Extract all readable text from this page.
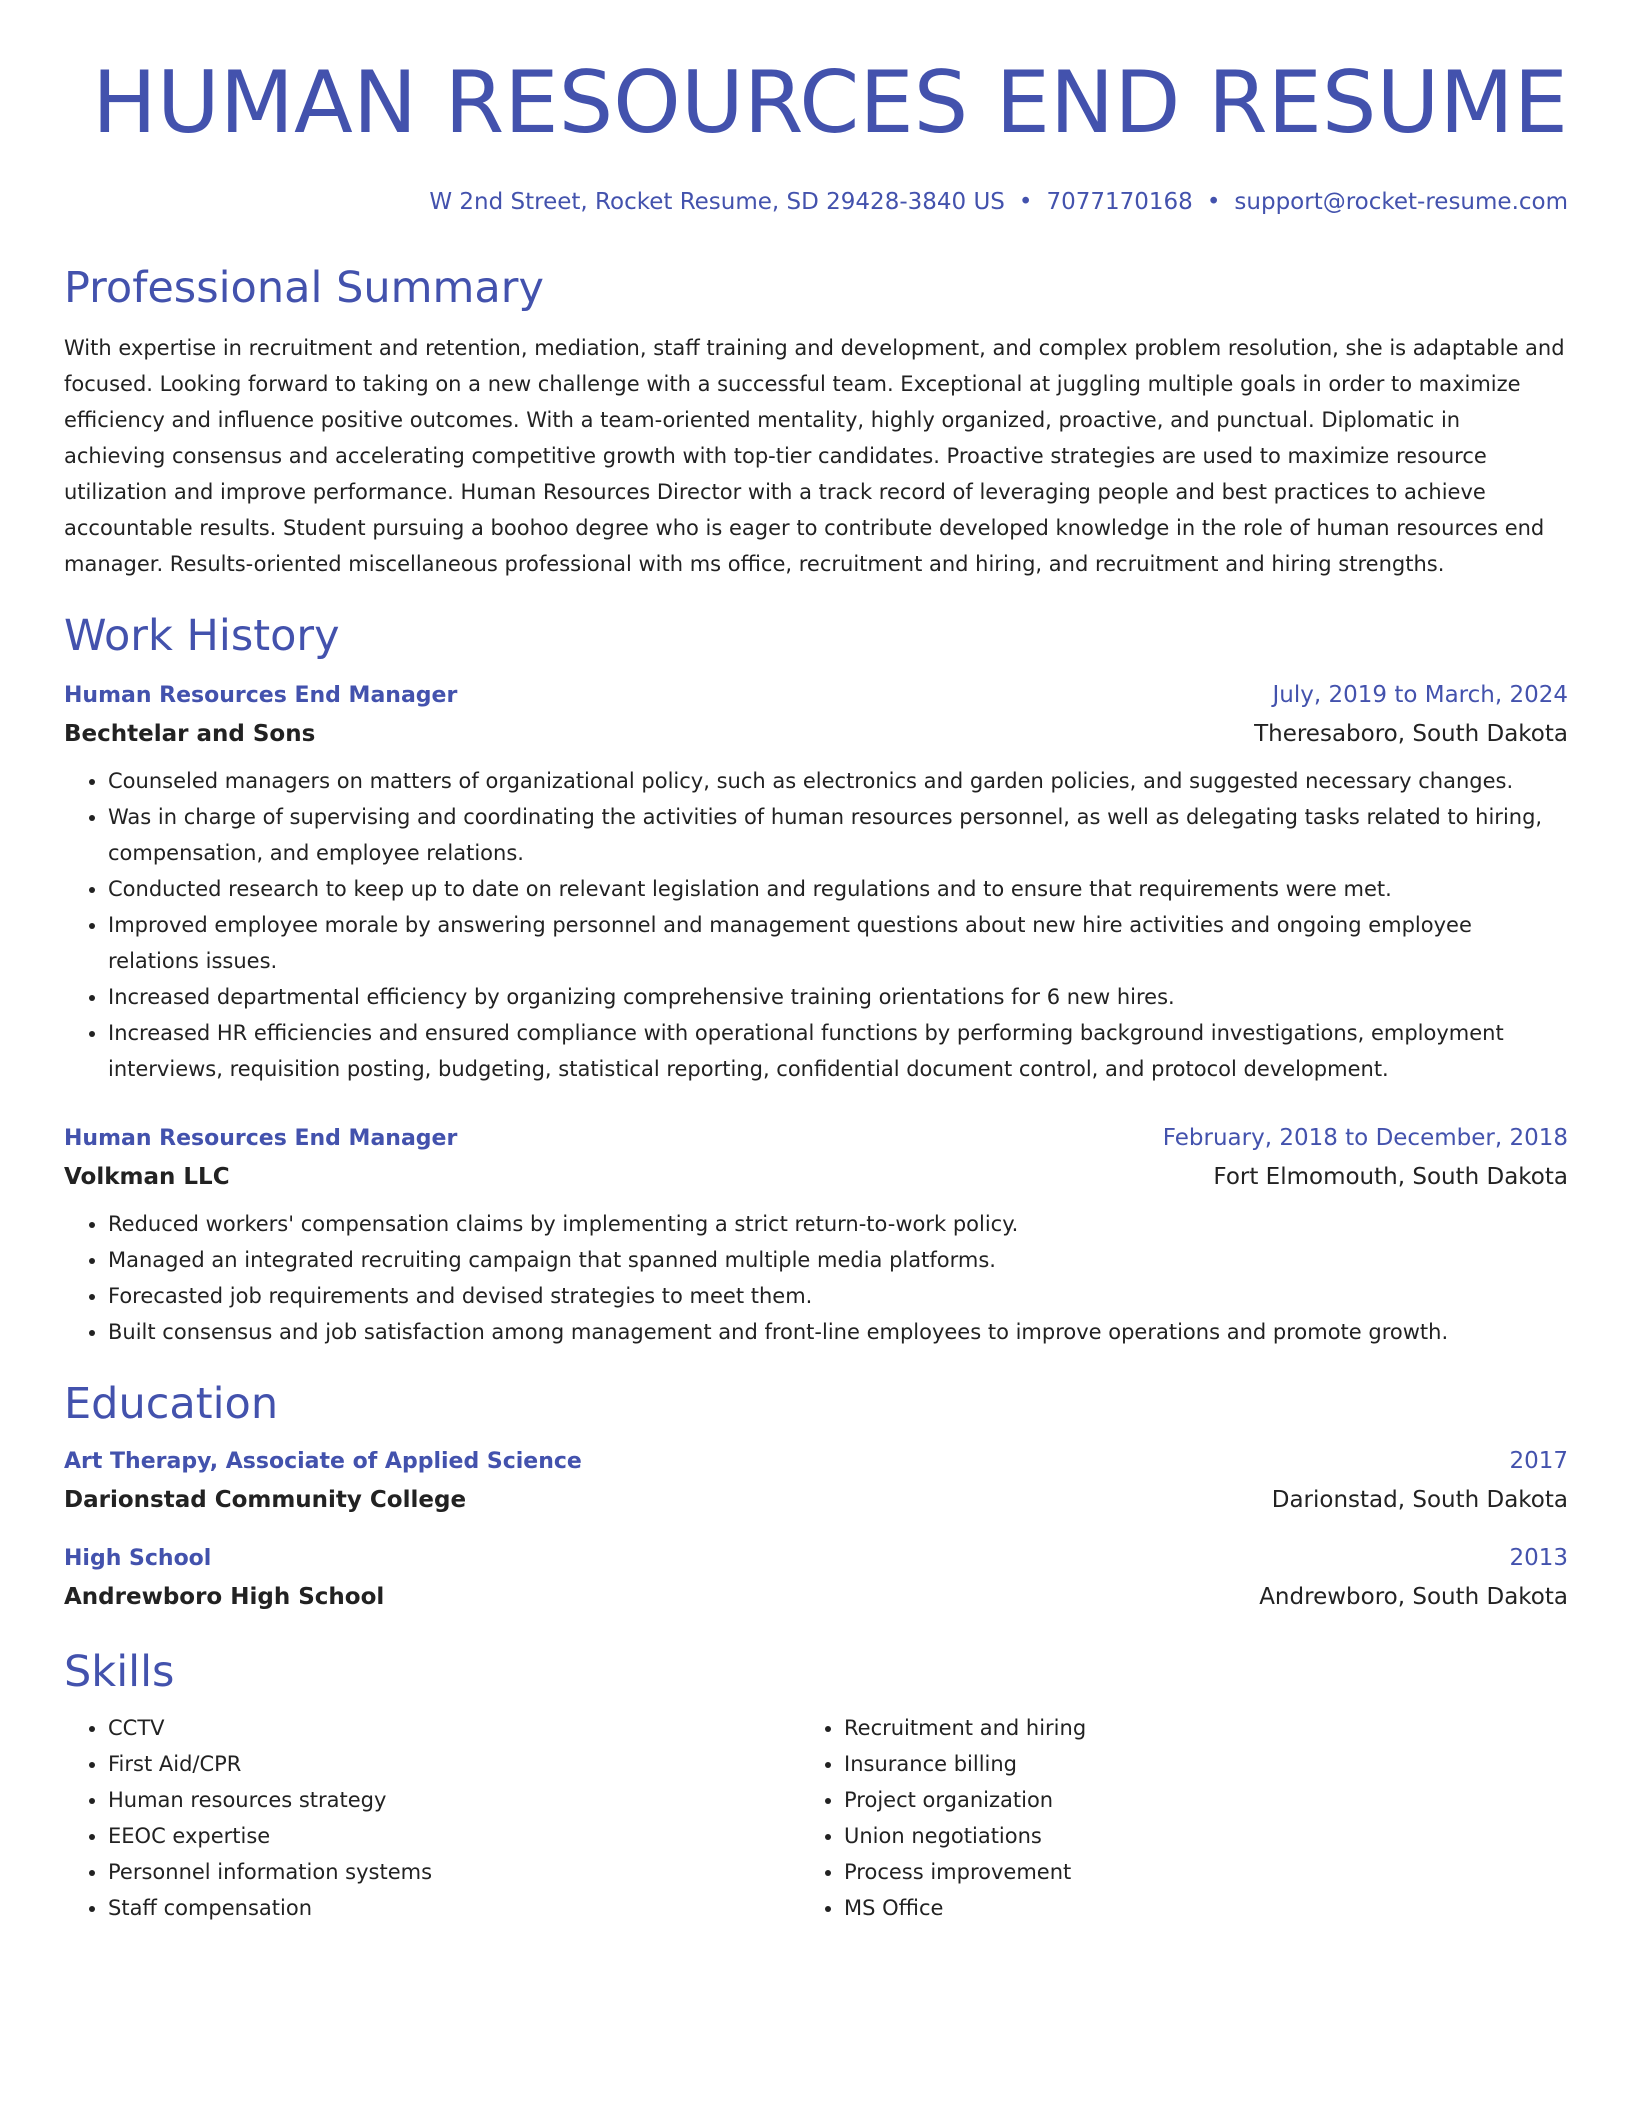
HUMAN RESOURCES END RESUME
W 2nd Street, Rocket Resume, SD 29428-3840 US • 7077170168 • support@rocket-resume.com
Professional Summary
With expertise in recruitment and retention, mediation, staff training and development, and complex problem resolution, she is adaptable and focused. Looking forward to taking on a new challenge with a successful team. Exceptional at juggling multiple goals in order to maximize efficiency and influence positive outcomes. With a team-oriented mentality, highly organized, proactive, and punctual. Diplomatic in achieving consensus and accelerating competitive growth with top-tier candidates. Proactive strategies are used to maximize resource utilization and improve performance. Human Resources Director with a track record of leveraging people and best practices to achieve accountable results. Student pursuing a boohoo degree who is eager to contribute developed knowledge in the role of human resources end manager. Results-oriented miscellaneous professional with ms office, recruitment and hiring, and recruitment and hiring strengths.
Work History
Human Resources End Manager	July, 2019 to March, 2024
Bechtelar and Sons	Theresaboro, South Dakota
• Counseled managers on matters of organizational policy, such as electronics and garden policies, and suggested necessary changes.
• Was in charge of supervising and coordinating the activities of human resources personnel, as well as delegating tasks related to hiring, compensation, and employee relations.
• Conducted research to keep up to date on relevant legislation and regulations and to ensure that requirements were met.
• Improved employee morale by answering personnel and management questions about new hire activities and ongoing employee relations issues.
• Increased departmental efficiency by organizing comprehensive training orientations for 6 new hires.
• Increased HR efficiencies and ensured compliance with operational functions by performing background investigations, employment interviews, requisition posting, budgeting, statistical reporting, confidential document control, and protocol development.
Human Resources End Manager	February, 2018 to December, 2018
Volkman LLC	Fort Elmomouth, South Dakota
• Reduced workers' compensation claims by implementing a strict return-to-work policy.
• Managed an integrated recruiting campaign that spanned multiple media platforms.
• Forecasted job requirements and devised strategies to meet them.
• Built consensus and job satisfaction among management and front-line employees to improve operations and promote growth.
Education
Art Therapy, Associate of Applied Science	2017
Darionstad Community College	Darionstad, South Dakota
High School	2013
Andrewboro High School	Andrewboro, South Dakota
Skills
• CCTV
• First Aid/CPR
• Human resources strategy
• EEOC expertise
• Personnel information systems
• Staff compensation
• Recruitment and hiring
• Insurance billing
• Project organization
• Union negotiations
• Process improvement
• MS Office
